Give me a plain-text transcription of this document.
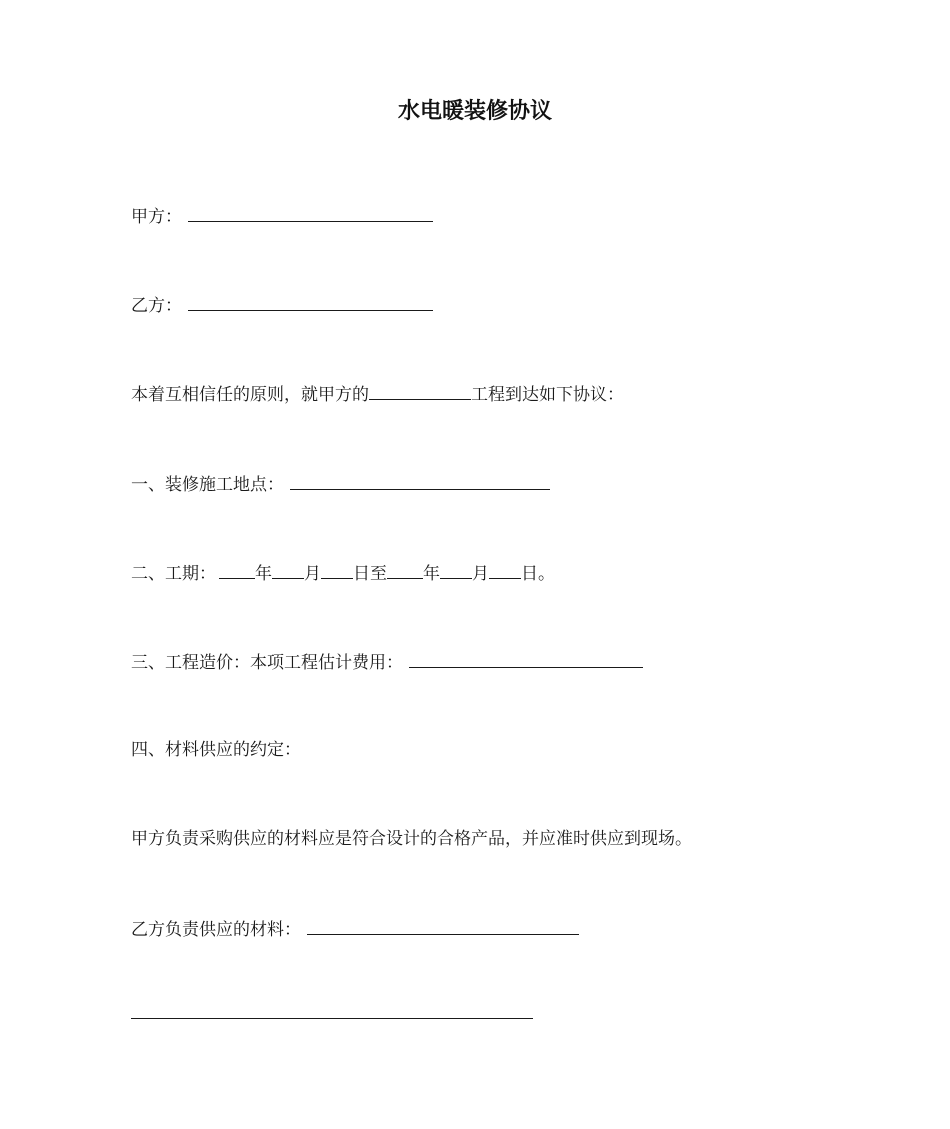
水电暖装修协议
甲方：
乙方：
本着互相信任的原则，就甲方的	工程到达如下协议：
一、装修施工地点：
二、工期： 年 月 日至 年 月 日。
三、工程造价：本项工程估计费用：
四、材料供应的约定：
甲方负责采购供应的材料应是符合设计的合格产品，并应准时供应到现场。
乙方负责供应的材料：
